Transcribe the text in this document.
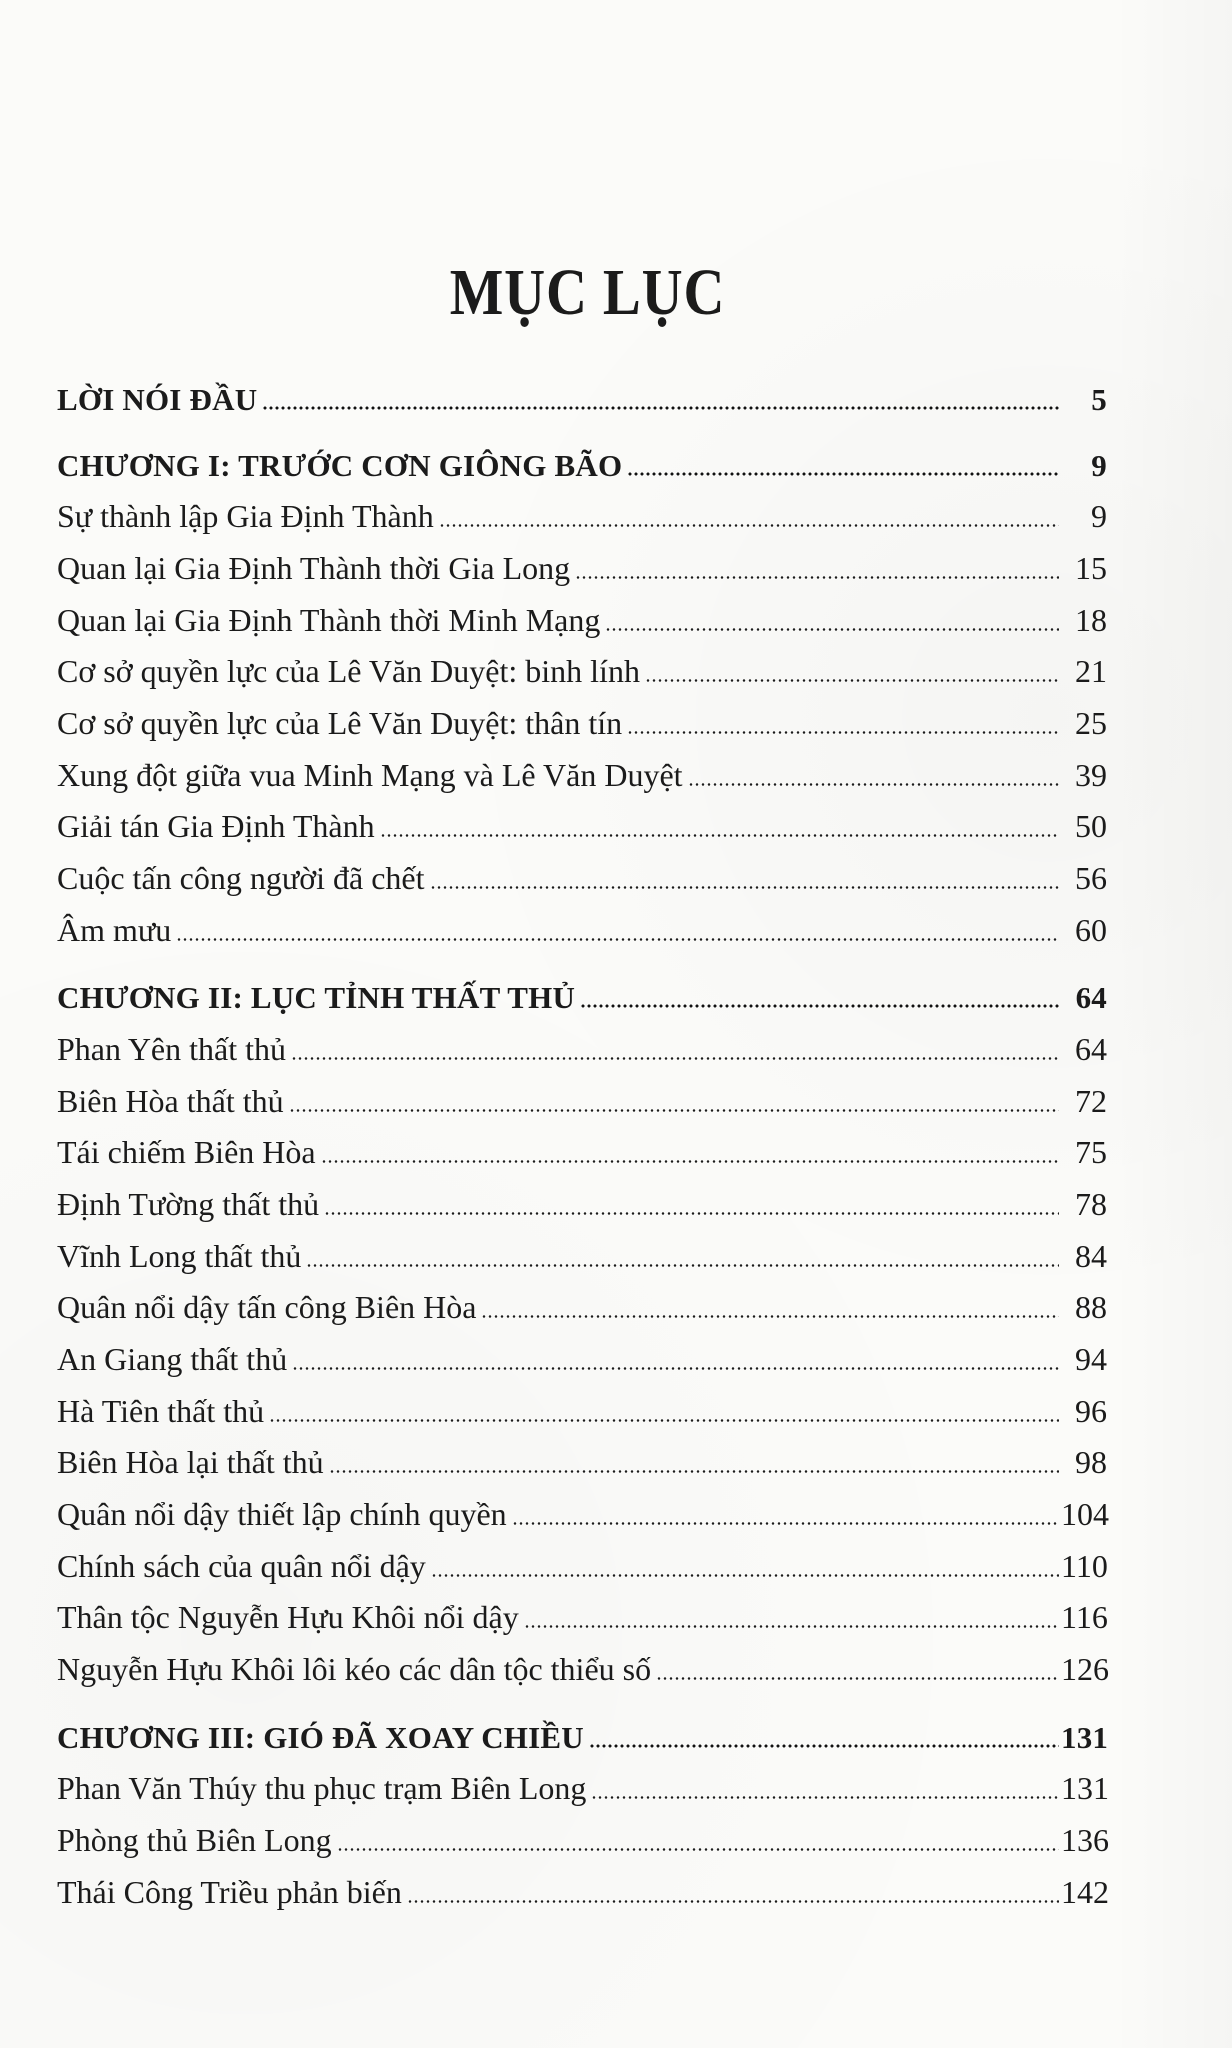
MỤC LỤC
LỜI NÓI ĐẦU	5
CHƯƠNG I: TRƯỚC CƠN GIÔNG BÃO	9
Sự thành lập Gia Định Thành	9
Quan lại Gia Định Thành thời Gia Long	15
Quan lại Gia Định Thành thời Minh Mạng	18
Cơ sở quyền lực của Lê Văn Duyệt: binh lính	21
Cơ sở quyền lực của Lê Văn Duyệt: thân tín	25
Xung đột giữa vua Minh Mạng và Lê Văn Duyệt	39
Giải tán Gia Định Thành	50
Cuộc tấn công người đã chết	56
Âm mưu	60
CHƯƠNG II: LỤC TỈNH THẤT THỦ	64
Phan Yên thất thủ	64
Biên Hòa thất thủ	72
Tái chiếm Biên Hòa	75
Định Tường thất thủ	78
Vĩnh Long thất thủ	84
Quân nổi dậy tấn công Biên Hòa	88
An Giang thất thủ	94
Hà Tiên thất thủ	96
Biên Hòa lại thất thủ	98
Quân nổi dậy thiết lập chính quyền	104
Chính sách của quân nổi dậy	110
Thân tộc Nguyễn Hựu Khôi nổi dậy	116
Nguyễn Hựu Khôi lôi kéo các dân tộc thiểu số	126
CHƯƠNG III: GIÓ ĐÃ XOAY CHIỀU	131
Phan Văn Thúy thu phục trạm Biên Long	131
Phòng thủ Biên Long	136
Thái Công Triều phản biến	142
